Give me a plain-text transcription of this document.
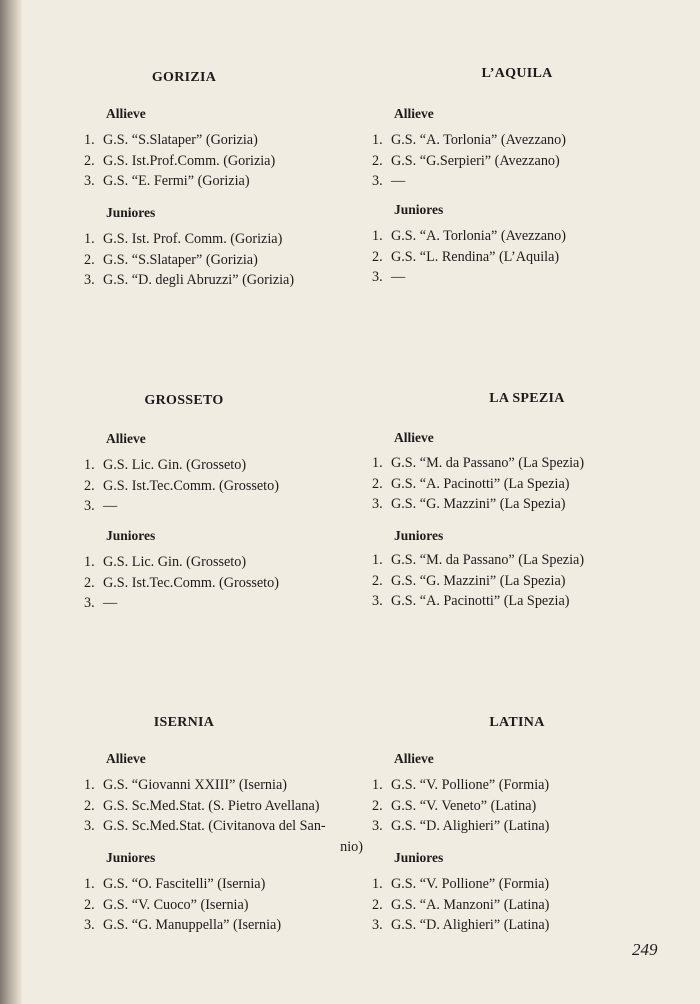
GORIZIA
Allieve
1. G.S. “S.Slataper” (Gorizia)
2. G.S. Ist.Prof.Comm. (Gorizia)
3. G.S. “E. Fermi” (Gorizia)
Juniores
1. G.S. Ist. Prof. Comm. (Gorizia)
2. G.S. “S.Slataper” (Gorizia)
3. G.S. “D. degli Abruzzi” (Gorizia)
L’AQUILA
Allieve
1. G.S. “A. Torlonia” (Avezzano)
2. G.S. “G.Serpieri” (Avezzano)
3. —
Juniores
1. G.S. “A. Torlonia” (Avezzano)
2. G.S. “L. Rendina” (L’Aquila)
3. —
GROSSETO
Allieve
1. G.S. Lic. Gin. (Grosseto)
2. G.S. Ist.Tec.Comm. (Grosseto)
3. —
Juniores
1. G.S. Lic. Gin. (Grosseto)
2. G.S. Ist.Tec.Comm. (Grosseto)
3. —
LA SPEZIA
Allieve
1. G.S. “M. da Passano” (La Spezia)
2. G.S. “A. Pacinotti” (La Spezia)
3. G.S. “G. Mazzini” (La Spezia)
Juniores
1. G.S. “M. da Passano” (La Spezia)
2. G.S. “G. Mazzini” (La Spezia)
3. G.S. “A. Pacinotti” (La Spezia)
ISERNIA
Allieve
1. G.S. “Giovanni XXIII” (Isernia)
2. G.S. Sc.Med.Stat. (S. Pietro Avellana)
3. G.S. Sc.Med.Stat. (Civitanova del San-
nio)
Juniores
1. G.S. “O. Fascitelli” (Isernia)
2. G.S. “V. Cuoco” (Isernia)
3. G.S. “G. Manuppella” (Isernia)
LATINA
Allieve
1. G.S. “V. Pollione” (Formia)
2. G.S. “V. Veneto” (Latina)
3. G.S. “D. Alighieri” (Latina)
Juniores
1. G.S. “V. Pollione” (Formia)
2. G.S. “A. Manzoni” (Latina)
3. G.S. “D. Alighieri” (Latina)
249
